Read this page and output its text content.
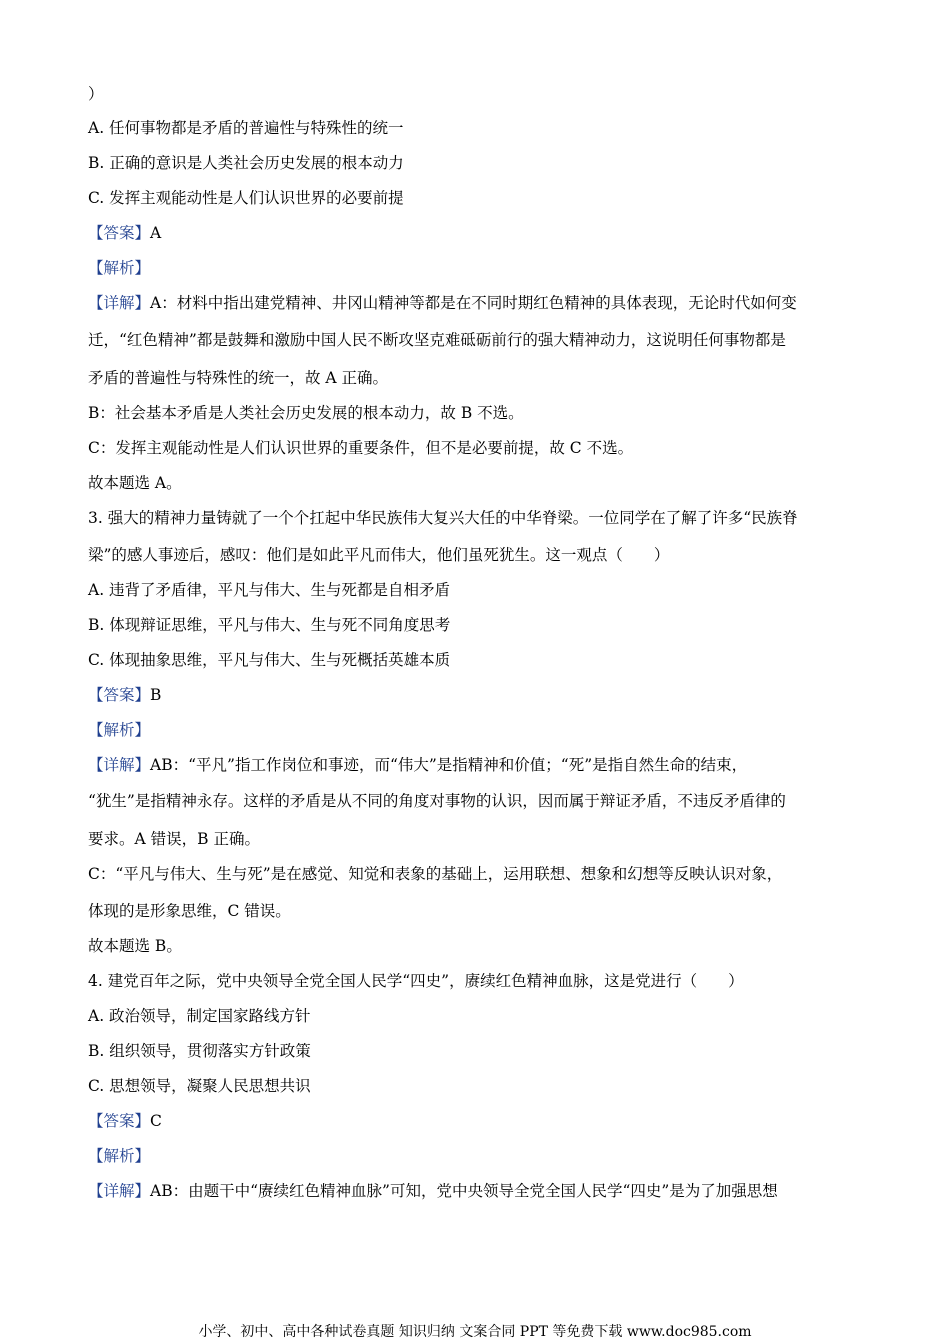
）
A. 任何事物都是矛盾的普遍性与特殊性的统一
B. 正确的意识是人类社会历史发展的根本动力
C. 发挥主观能动性是人们认识世界的必要前提
【答案】A
【解析】
【详解】A：材料中指出建党精神、井冈山精神等都是在不同时期红色精神的具体表现，无论时代如何变
迁，“红色精神”都是鼓舞和激励中国人民不断攻坚克难砥砺前行的强大精神动力，这说明任何事物都是
矛盾的普遍性与特殊性的统一，故 A 正确。
B：社会基本矛盾是人类社会历史发展的根本动力，故 B 不选。
C：发挥主观能动性是人们认识世界的重要条件，但不是必要前提，故 C 不选。
故本题选 A。
3. 强大的精神力量铸就了一个个扛起中华民族伟大复兴大任的中华脊梁。一位同学在了解了许多“民族脊
梁”的感人事迹后，感叹：他们是如此平凡而伟大，他们虽死犹生。这一观点（　　）
A. 违背了矛盾律，平凡与伟大、生与死都是自相矛盾
B. 体现辩证思维，平凡与伟大、生与死不同角度思考
C. 体现抽象思维，平凡与伟大、生与死概括英雄本质
【答案】B
【解析】
【详解】AB：“平凡”指工作岗位和事迹，而“伟大”是指精神和价值；“死”是指自然生命的结束，
“犹生”是指精神永存。这样的矛盾是从不同的角度对事物的认识，因而属于辩证矛盾，不违反矛盾律的
要求。A 错误，B 正确。
C：“平凡与伟大、生与死”是在感觉、知觉和表象的基础上，运用联想、想象和幻想等反映认识对象，
体现的是形象思维，C 错误。
故本题选 B。
4. 建党百年之际，党中央领导全党全国人民学“四史”，赓续红色精神血脉，这是党进行（　　）
A. 政治领导，制定国家路线方针
B. 组织领导，贯彻落实方针政策
C. 思想领导，凝聚人民思想共识
【答案】C
【解析】
【详解】AB：由题干中“赓续红色精神血脉”可知，党中央领导全党全国人民学“四史”是为了加强思想
小学、初中、高中各种试卷真题 知识归纳 文案合同 PPT 等免费下载 www.doc985.com
